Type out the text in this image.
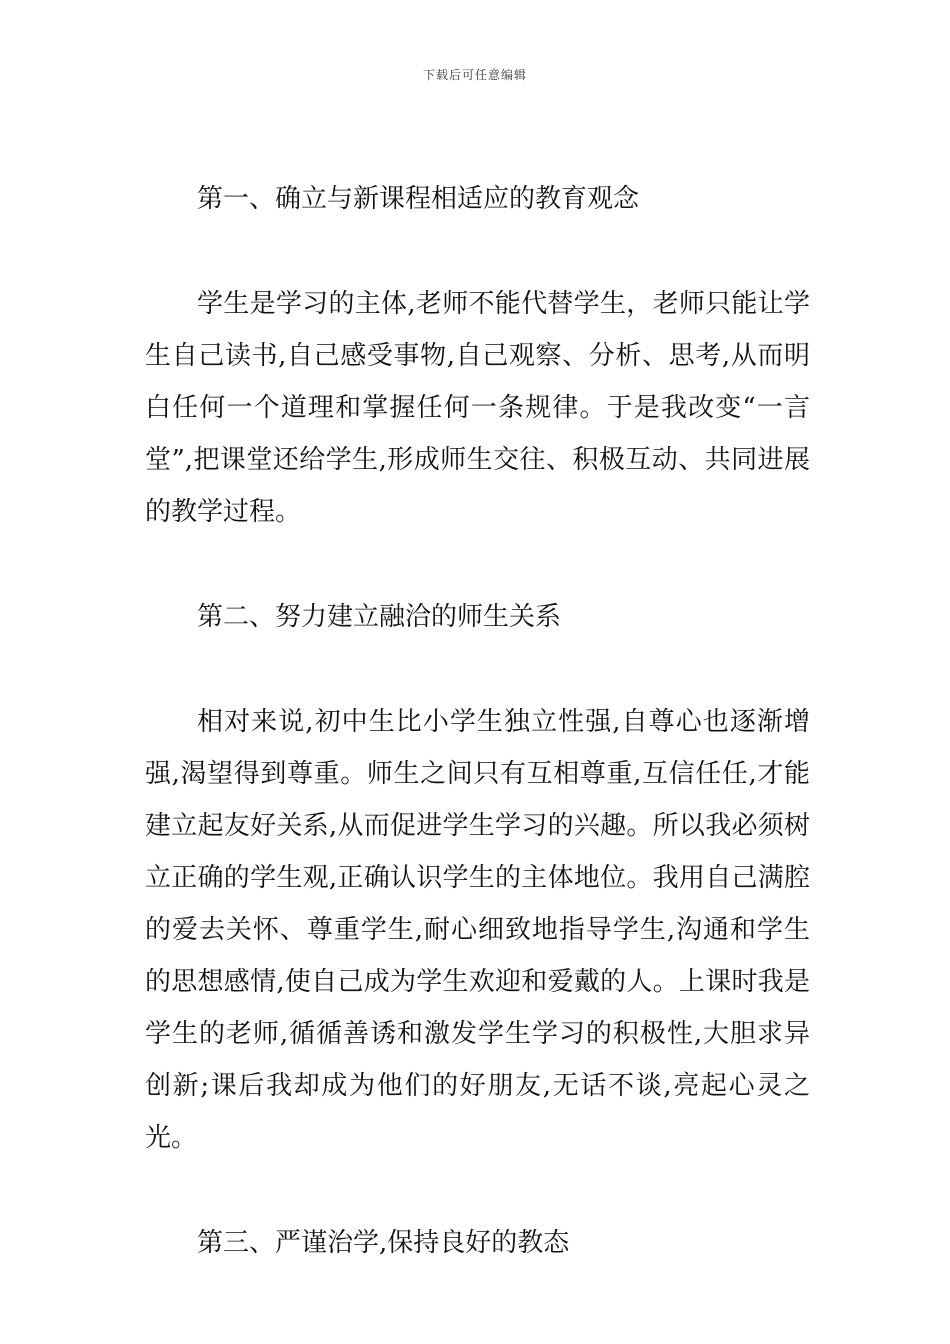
下载后可任意编辑

第一、确立与新课程相适应的教育观念

学生是学习的主体,老师不能代替学生，老师只能让学生自己读书,自己感受事物,自己观察、分析、思考,从而明白任何一个道理和掌握任何一条规律。于是我改变“一言堂”,把课堂还给学生,形成师生交往、积极互动、共同进展的教学过程。

第二、努力建立融洽的师生关系

相对来说,初中生比小学生独立性强,自尊心也逐渐增强,渴望得到尊重。师生之间只有互相尊重,互信任任,才能建立起友好关系,从而促进学生学习的兴趣。所以我必须树立正确的学生观,正确认识学生的主体地位。我用自己满腔的爱去关怀、尊重学生,耐心细致地指导学生,沟通和学生的思想感情,使自己成为学生欢迎和爱戴的人。上课时我是学生的老师,循循善诱和激发学生学习的积极性,大胆求异创新;课后我却成为他们的好朋友,无话不谈,亮起心灵之光。

第三、严谨治学,保持良好的教态
